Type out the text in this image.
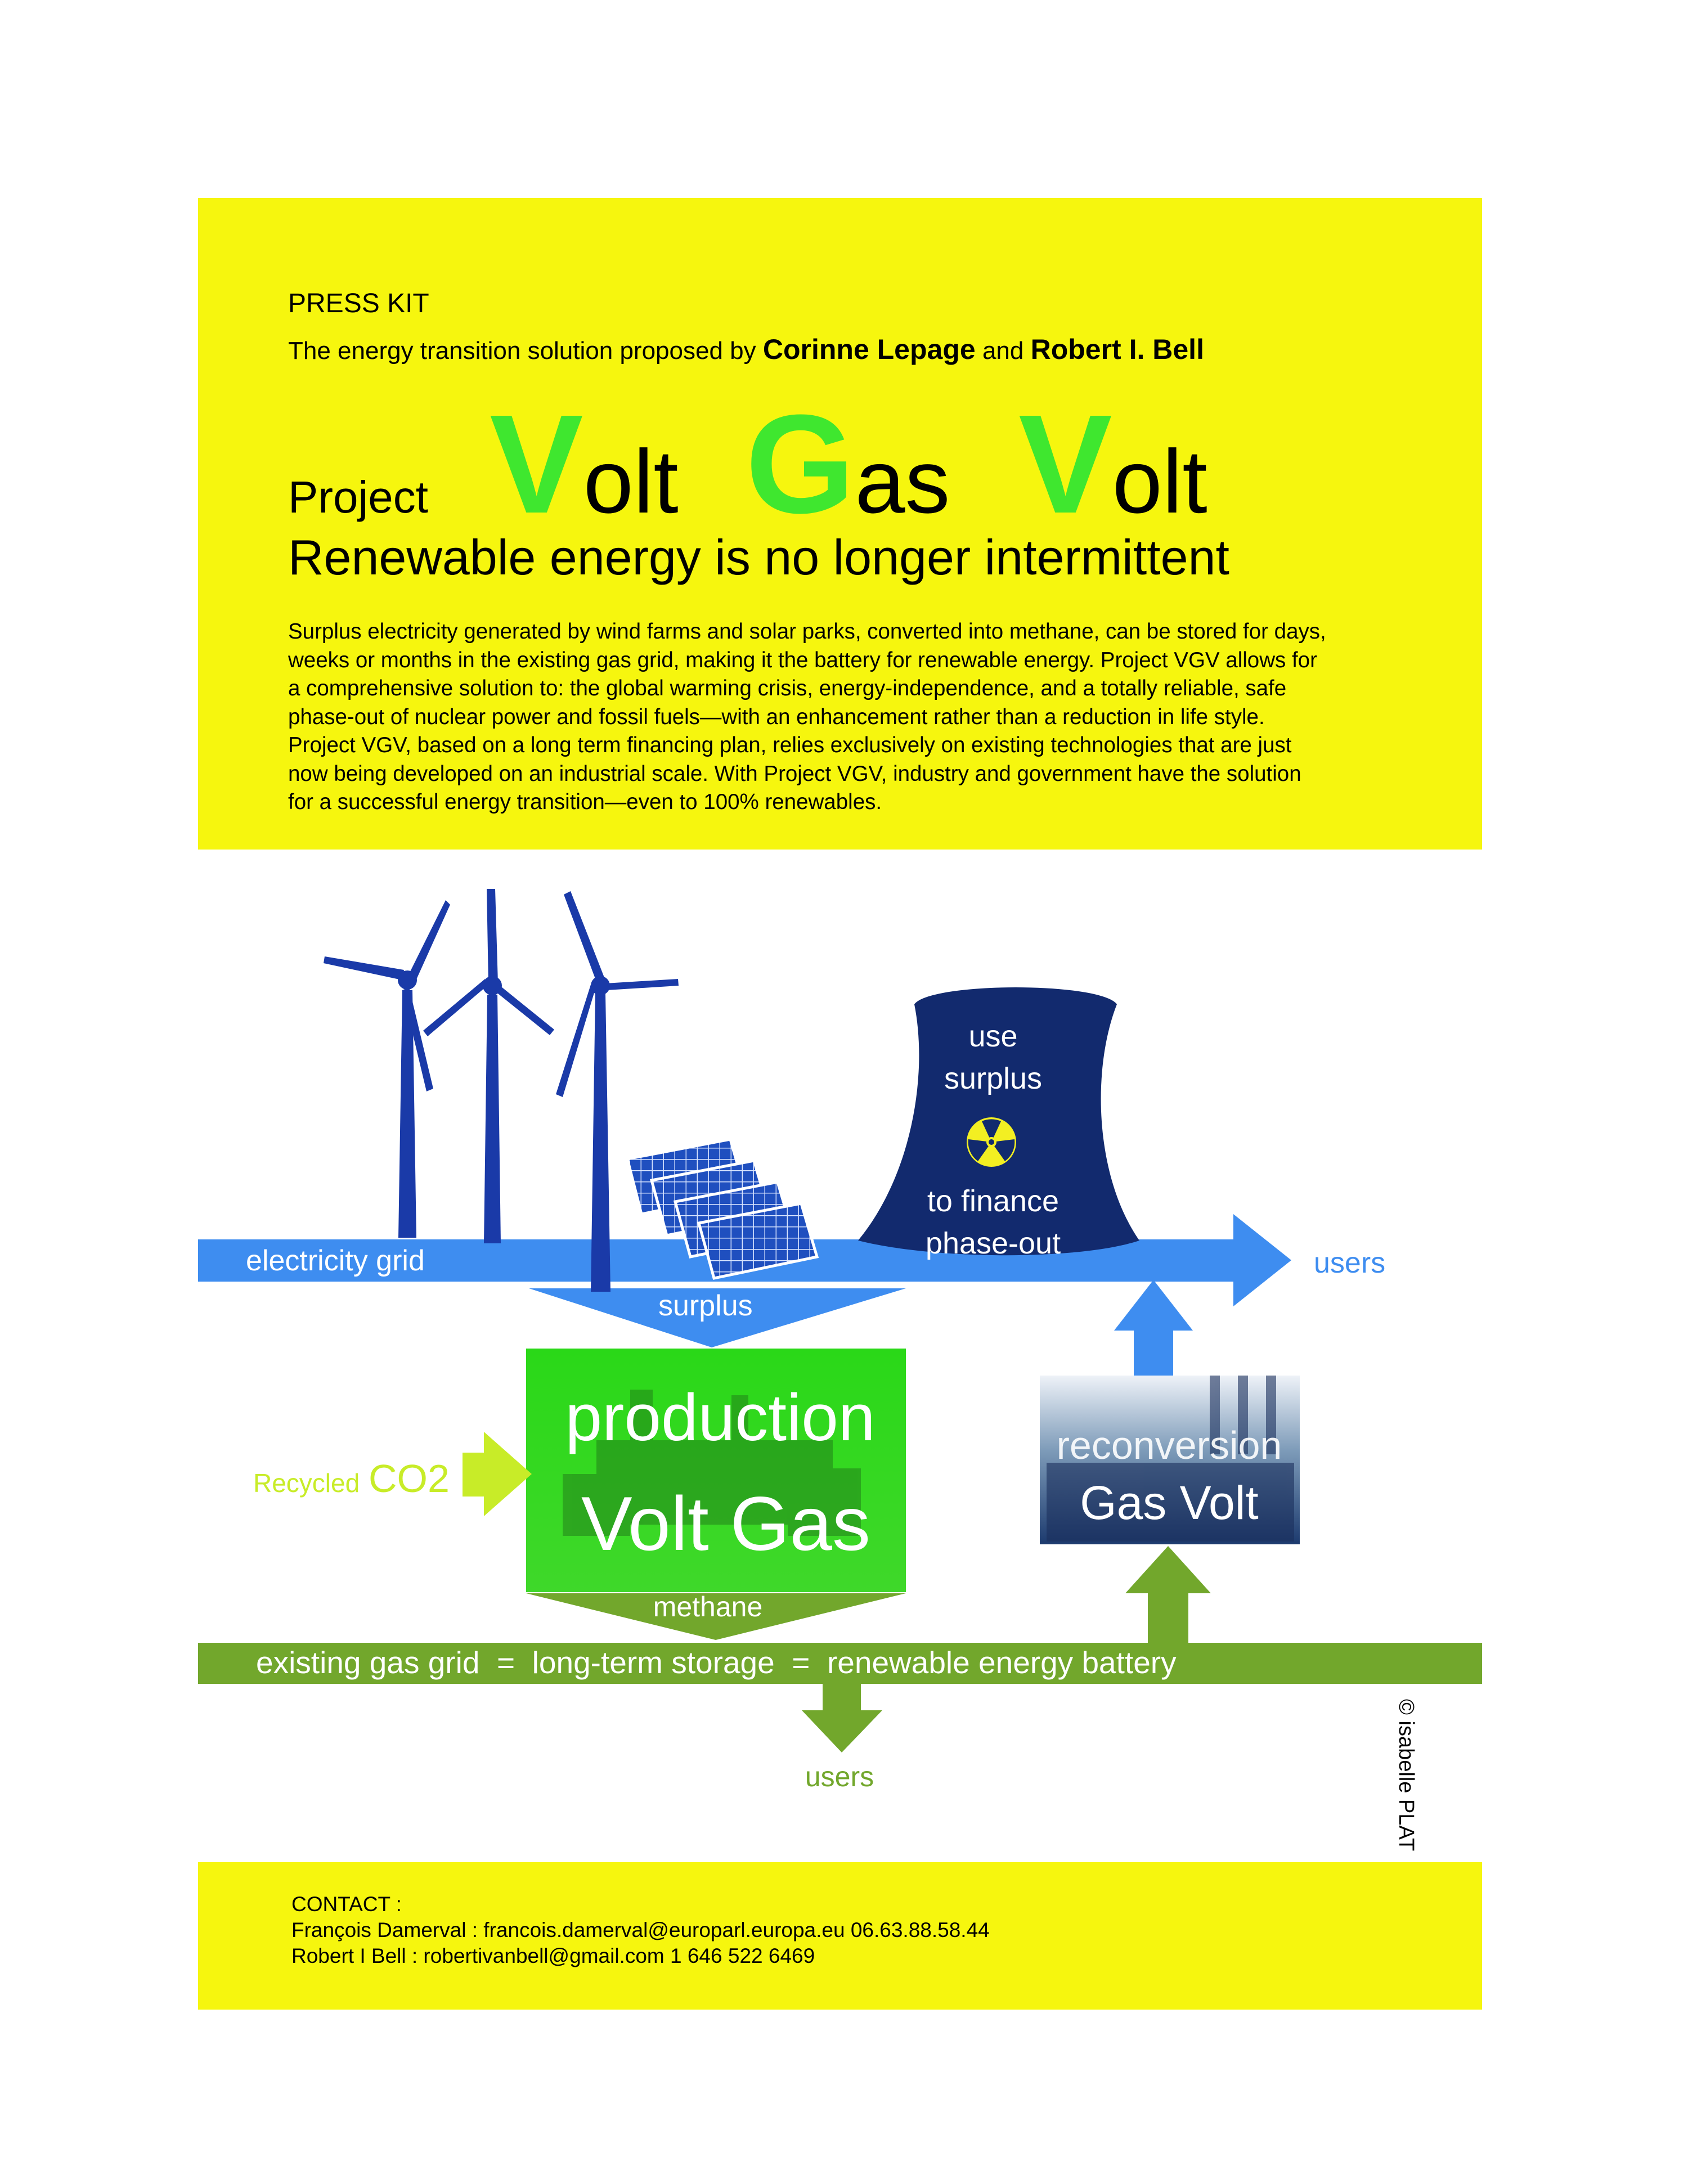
PRESS KIT
The energy transition solution proposed by Corinne Lepage and Robert I. Bell
Project Volt Gas Volt
Renewable energy is no longer intermittent
Surplus electricity generated by wind farms and solar parks, converted into methane, can be stored for days,
weeks or months in the existing gas grid, making it the battery for renewable energy. Project VGV allows for
a comprehensive solution to: the global warming crisis, energy-independence, and a totally reliable, safe
phase-out of nuclear power and fossil fuels—with an enhancement rather than a reduction in life style.
Project VGV, based on a long term financing plan, relies exclusively on existing technologies that are just
now being developed on an industrial scale. With Project VGV, industry and government have the solution
for a successful energy transition—even to 100% renewables.
electricity grid	users
surplus
use
surplus
to finance
phase-out
production
Volt Gas
Recycled CO2
reconversion
Gas Volt
methane
existing gas grid  =  long-term storage  =  renewable energy battery
users	© isabelle PLAT
CONTACT :
François Damerval : francois.damerval@europarl.europa.eu 06.63.88.58.44
Robert I Bell : robertivanbell@gmail.com 1 646 522 6469
